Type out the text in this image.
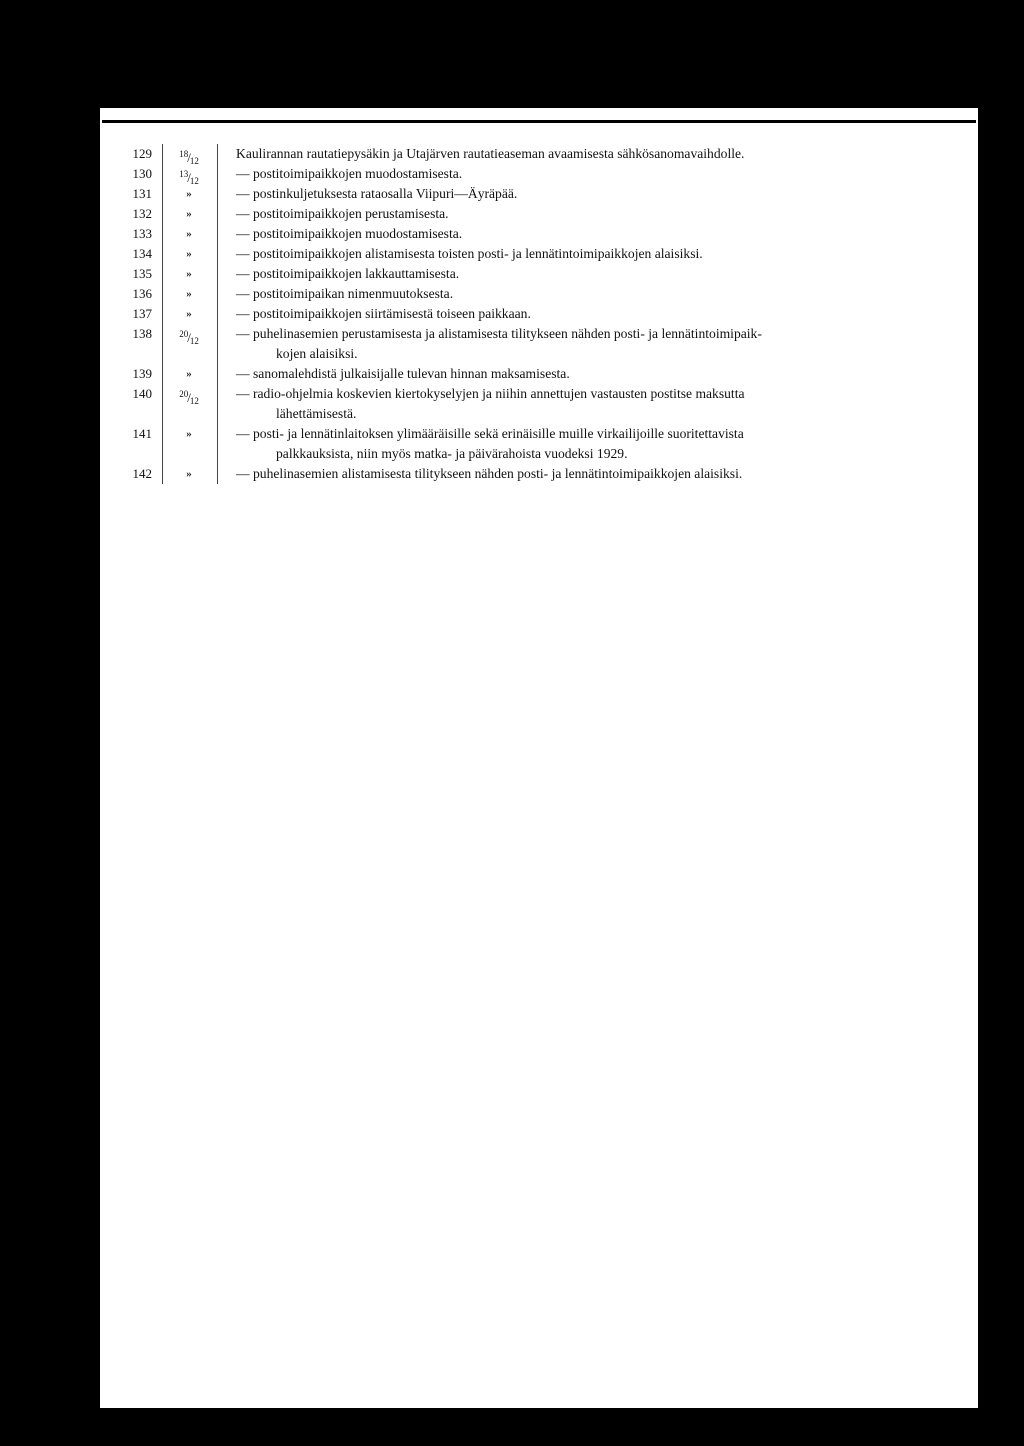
129	$^{18}$/12	Kaulirannan rautatiepysäkin ja Utajärven rautatieaseman avaamisesta sähkösanomavaihdolle.
130	$^{13}$/12	— postitoimipaikkojen muodostamisesta.
131	»	— postinkuljetuksesta rataosalla Viipuri—Äyräpää.
132	»	— postitoimipaikkojen perustamisesta.
133	»	— postitoimipaikkojen muodostamisesta.
134	»	— postitoimipaikkojen alistamisesta toisten posti- ja lennätintoimipaikkojen alaisiksi.
135	»	— postitoimipaikkojen lakkauttamisesta.
136	»	— postitoimipaikan nimenmuutoksesta.
137	»	— postitoimipaikkojen siirtämisestä toiseen paikkaan.
138	$^{20}$/12	— puhelinasemien perustamisesta ja alistamisesta tilitykseen nähden posti- ja lennätintoimipaik-
kojen alaisiksi.
139	»	— sanomalehdistä julkaisijalle tulevan hinnan maksamisesta.
140	$^{20}$/12	— radio-ohjelmia koskevien kiertokyselyjen ja niihin annettujen vastausten postitse maksutta
lähettämisestä.
141	»	— posti- ja lennätinlaitoksen ylimääräisille sekä erinäisille muille virkailijoille suoritettavista
palkkauksista, niin myös matka- ja päivärahoista vuodeksi 1929.
142	»	— puhelinasemien alistamisesta tilitykseen nähden posti- ja lennätintoimipaikkojen alaisiksi.
